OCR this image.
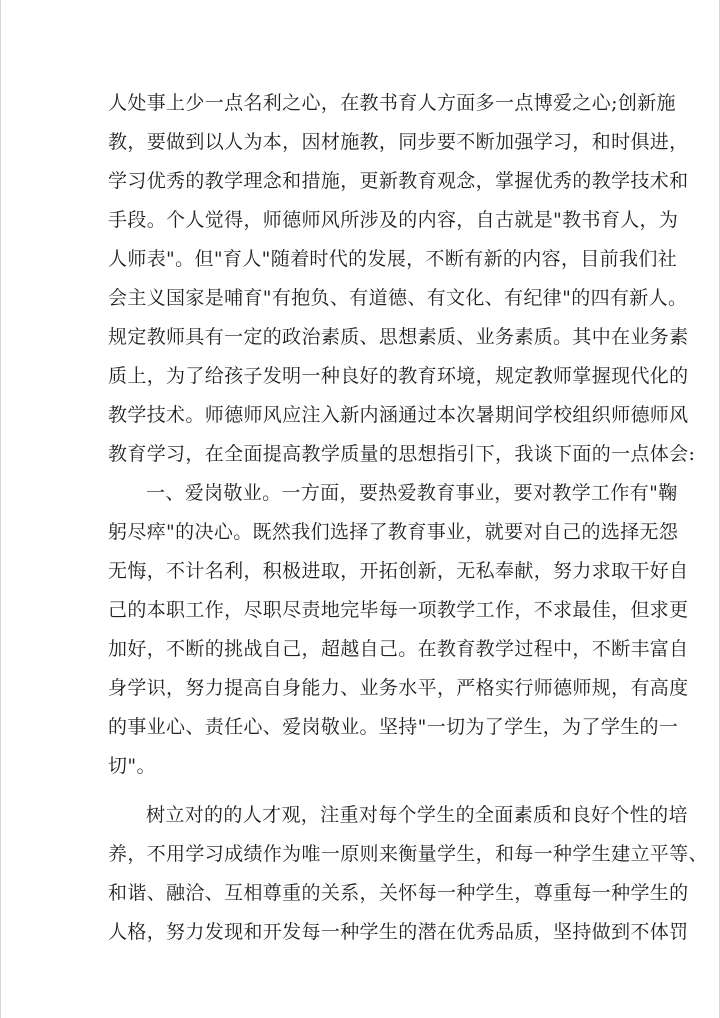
人处事上少一点名利之心，在教书育人方面多一点博爱之心;创新施
教，要做到以人为本，因材施教，同步要不断加强学习，和时俱进，
学习优秀的教学理念和措施，更新教育观念，掌握优秀的教学技术和
手段。个人觉得，师德师风所涉及的内容，自古就是"教书育人，为
人师表"。但"育人"随着时代的发展，不断有新的内容，目前我们社
会主义国家是哺育"有抱负、有道德、有文化、有纪律"的四有新人。
规定教师具有一定的政治素质、思想素质、业务素质。其中在业务素
质上，为了给孩子发明一种良好的教育环境，规定教师掌握现代化的
教学技术。师德师风应注入新内涵通过本次暑期间学校组织师德师风
教育学习，在全面提高教学质量的思想指引下，我谈下面的一点体会:
一、爱岗敬业。一方面，要热爱教育事业，要对教学工作有"鞠
躬尽瘁"的决心。既然我们选择了教育事业，就要对自己的选择无怨
无悔，不计名利，积极进取，开拓创新，无私奉献，努力求取干好自
己的本职工作，尽职尽责地完毕每一项教学工作，不求最佳，但求更
加好，不断的挑战自己，超越自己。在教育教学过程中，不断丰富自
身学识，努力提高自身能力、业务水平，严格实行师德师规，有高度
的事业心、责任心、爱岗敬业。坚持"一切为了学生，为了学生的一
切"。
树立对的的人才观，注重对每个学生的全面素质和良好个性的培
养，不用学习成绩作为唯一原则来衡量学生，和每一种学生建立平等、
和谐、融洽、互相尊重的关系，关怀每一种学生，尊重每一种学生的
人格，努力发现和开发每一种学生的潜在优秀品质，坚持做到不体罚
